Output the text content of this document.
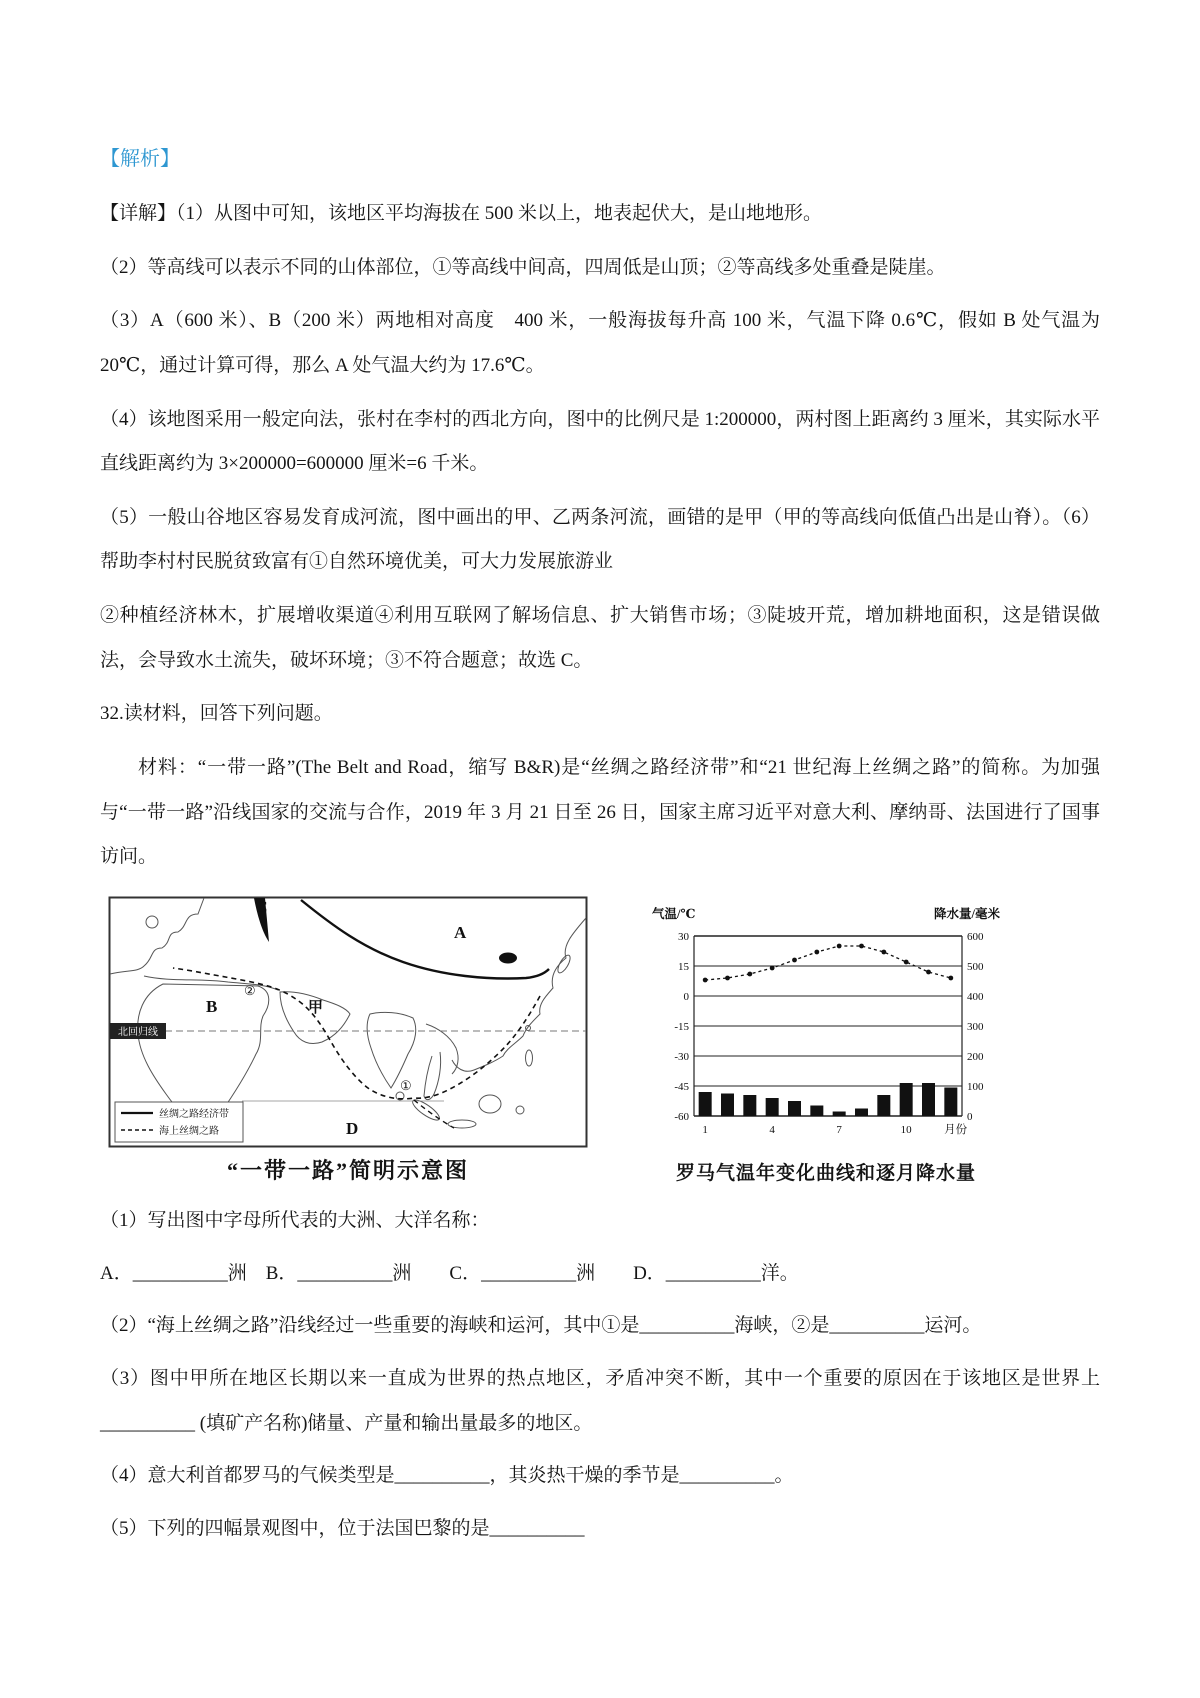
【解析】

【详解】（1）从图中可知，该地区平均海拔在 500 米以上，地表起伏大，是山地地形。

（2）等高线可以表示不同的山体部位，①等高线中间高，四周低是山顶；②等高线多处重叠是陡崖。

（3）A（600 米）、B（200 米）两地相对高度　400 米，一般海拔每升高 100 米，气温下降 0.6℃，假如 B 处气温为 20℃，通过计算可得，那么 A 处气温大约为 17.6℃。

（4）该地图采用一般定向法，张村在李村的西北方向，图中的比例尺是 1:200000，两村图上距离约 3 厘米，其实际水平直线距离约为 3×200000=600000 厘米=6 千米。

（5）一般山谷地区容易发育成河流，图中画出的甲、乙两条河流，画错的是甲（甲的等高线向低值凸出是山脊）。（6）帮助李村村民脱贫致富有①自然环境优美，可大力发展旅游业

②种植经济林木，扩展增收渠道④利用互联网了解场信息、扩大销售市场；③陡坡开荒，增加耕地面积，这是错误做法，会导致水土流失，破坏环境；③不符合题意；故选 C。

32.读材料，回答下列问题。

材料：“一带一路”(The Belt and Road，缩写 B&R)是“丝绸之路经济带”和“21 世纪海上丝绸之路”的简称。为加强与“一带一路”沿线国家的交流与合作，2019 年 3 月 21 日至 26 日，国家主席习近平对意大利、摩纳哥、法国进行了国事访问。

北回归线
C
A
甲
B
D
①
②
丝绸之路经济带
海上丝绸之路
“一带一路”简明示意图
气温/℃	降水量/毫米
30	600
15	500
0	400
-15	300
-30	200
-45	100
-60	0
1	4	7	10	月份
罗马气温年变化曲线和逐月降水量

（1）写出图中字母所代表的大洲、大洋名称：

A．__________洲　B．__________洲　　C．__________洲　　D．__________洋。

（2）“海上丝绸之路”沿线经过一些重要的海峡和运河，其中①是__________海峡，②是__________运河。

（3）图中甲所在地区长期以来一直成为世界的热点地区，矛盾冲突不断，其中一个重要的原因在于该地区是世界上__________ (填矿产名称)储量、产量和输出量最多的地区。

（4）意大利首都罗马的气候类型是__________，其炎热干燥的季节是__________。

（5）下列的四幅景观图中，位于法国巴黎的是__________
